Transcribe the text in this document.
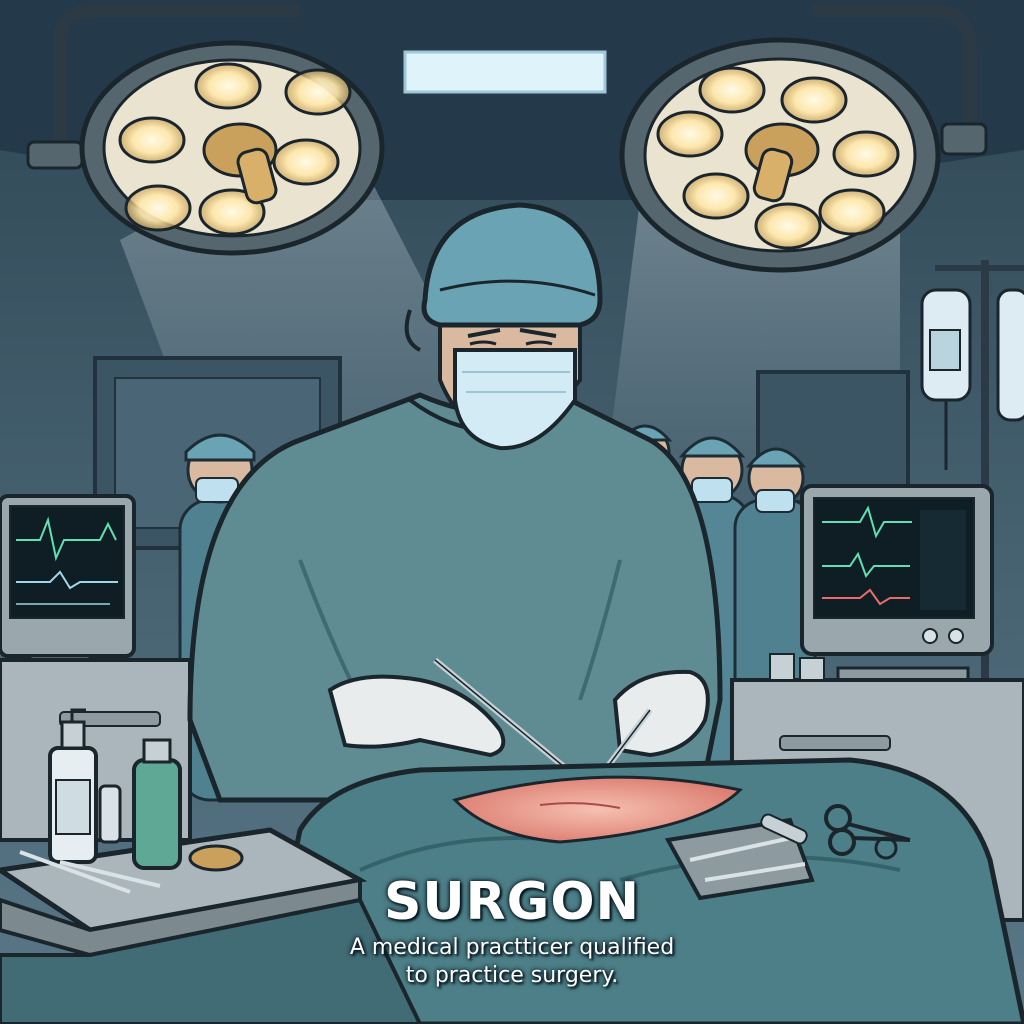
SURGON
A medical practticer qualified
to practice surgery.
